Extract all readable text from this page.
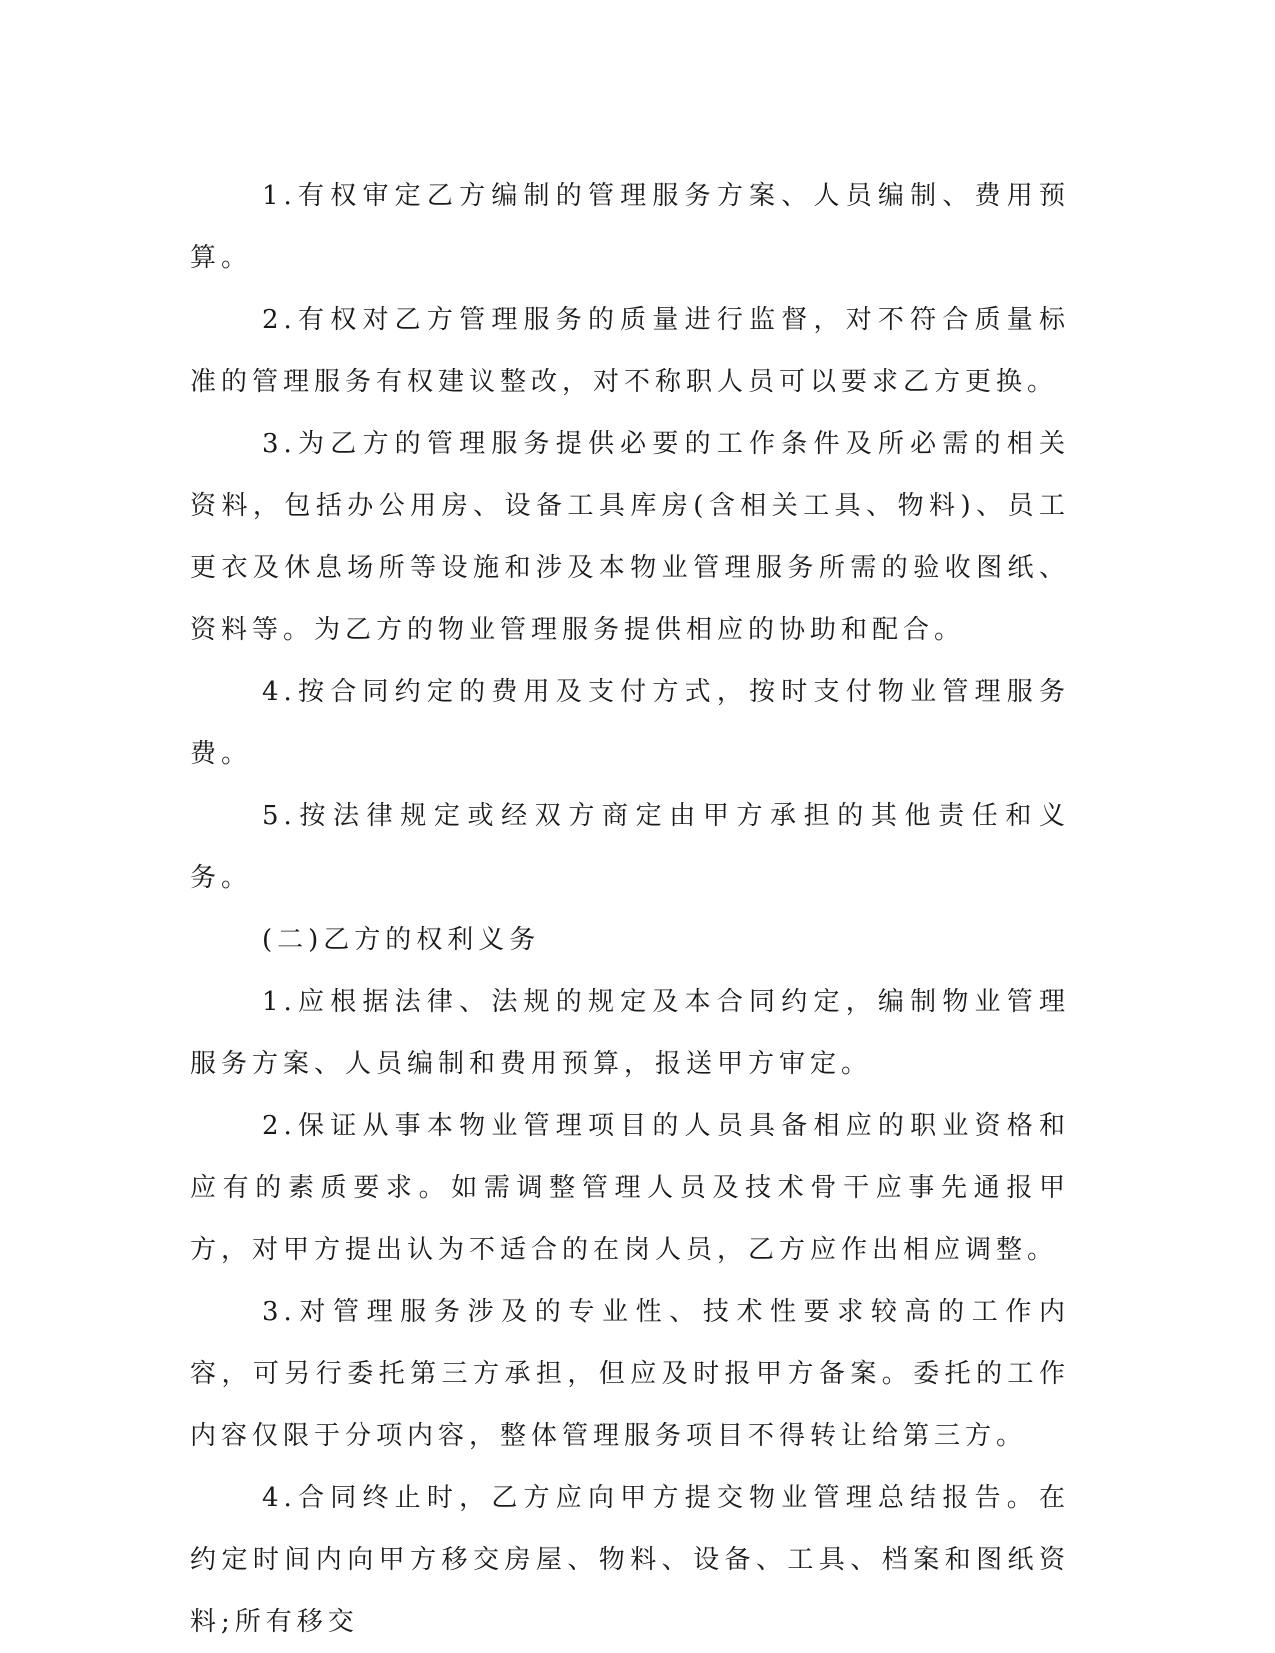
1.有权审定乙方编制的管理服务方案、人员编制、费用预算。

2.有权对乙方管理服务的质量进行监督，对不符合质量标准的管理服务有权建议整改，对不称职人员可以要求乙方更换。

3.为乙方的管理服务提供必要的工作条件及所必需的相关资料，包括办公用房、设备工具库房(含相关工具、物料)、员工更衣及休息场所等设施和涉及本物业管理服务所需的验收图纸、资料等。为乙方的物业管理服务提供相应的协助和配合。

4.按合同约定的费用及支付方式，按时支付物业管理服务费。

5.按法律规定或经双方商定由甲方承担的其他责任和义务。

(二)乙方的权利义务

1.应根据法律、法规的规定及本合同约定，编制物业管理服务方案、人员编制和费用预算，报送甲方审定。

2.保证从事本物业管理项目的人员具备相应的职业资格和应有的素质要求。如需调整管理人员及技术骨干应事先通报甲方，对甲方提出认为不适合的在岗人员，乙方应作出相应调整。

3.对管理服务涉及的专业性、技术性要求较高的工作内容，可另行委托第三方承担，但应及时报甲方备案。委托的工作内容仅限于分项内容，整体管理服务项目不得转让给第三方。

4.合同终止时，乙方应向甲方提交物业管理总结报告。在约定时间内向甲方移交房屋、物料、设备、工具、档案和图纸资料;所有移交
